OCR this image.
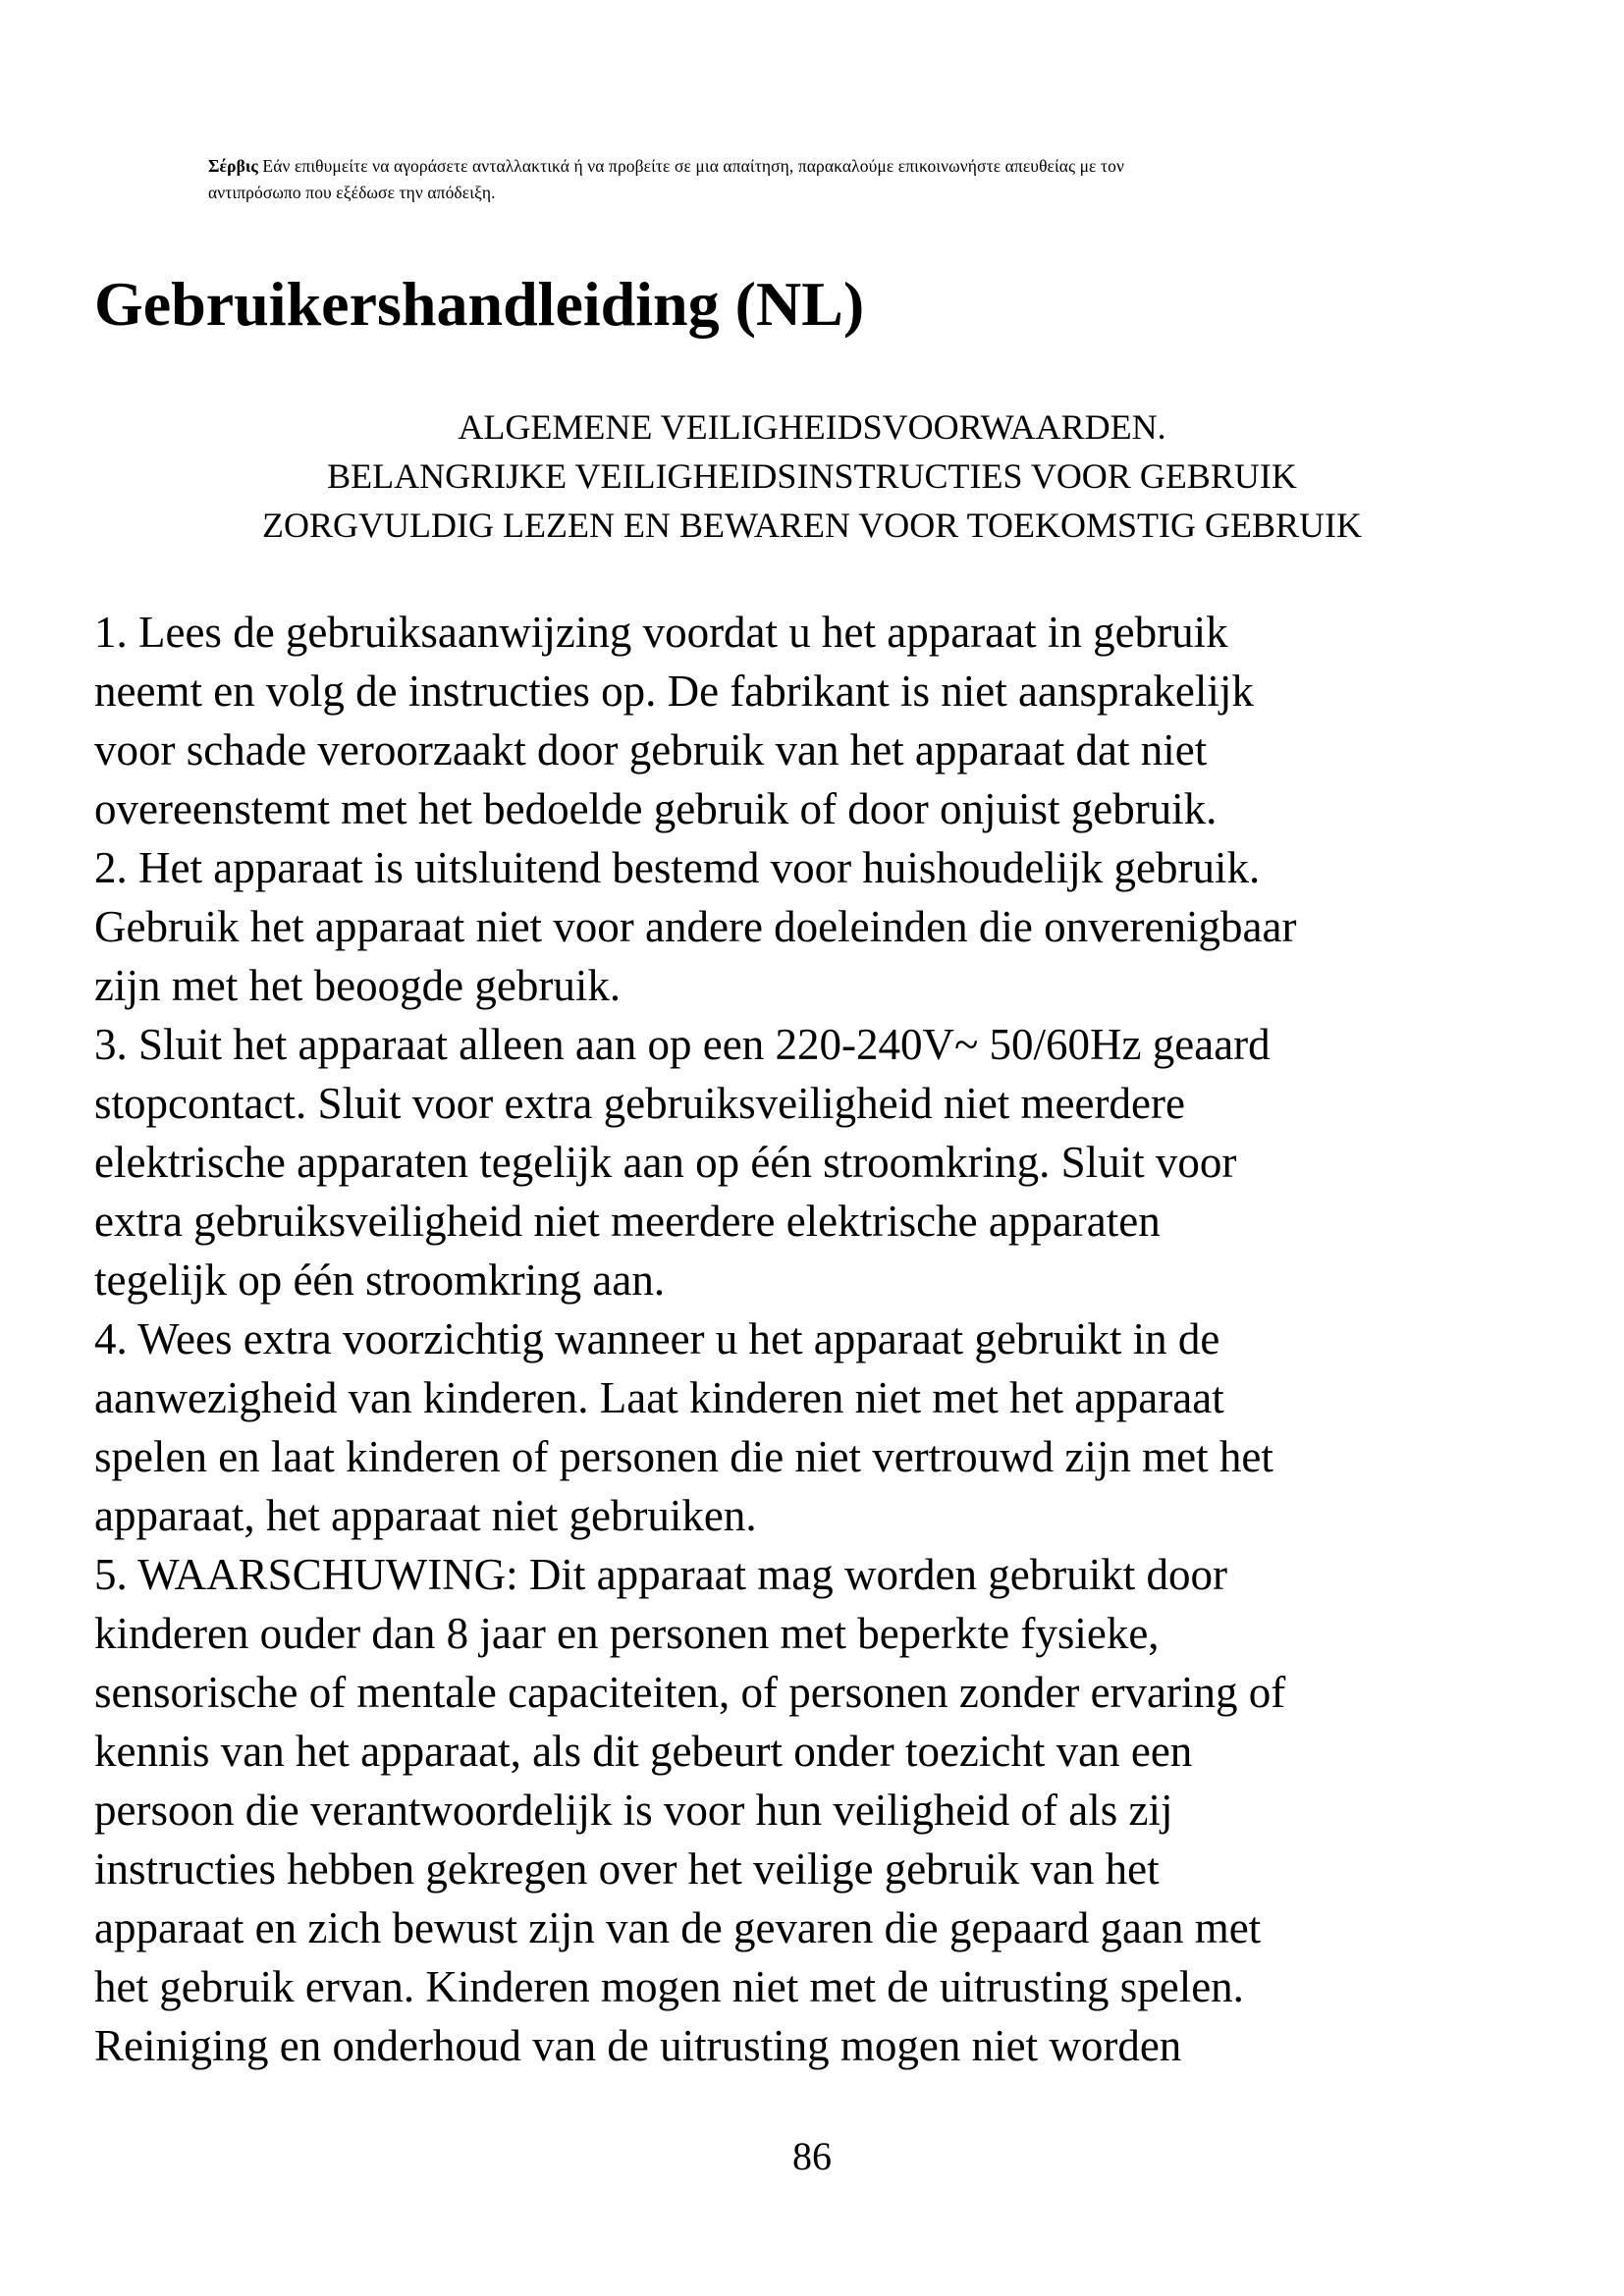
Σέρβις Εάν επιθυμείτε να αγοράσετε ανταλλακτικά ή να προβείτε σε μια απαίτηση, παρακαλούμε επικοινωνήστε απευθείας με τον
αντιπρόσωπο που εξέδωσε την απόδειξη.
Gebruikershandleiding (NL)
ALGEMENE VEILIGHEIDSVOORWAARDEN.
BELANGRIJKE VEILIGHEIDSINSTRUCTIES VOOR GEBRUIK
ZORGVULDIG LEZEN EN BEWAREN VOOR TOEKOMSTIG GEBRUIK
1. Lees de gebruiksaanwijzing voordat u het apparaat in gebruik
neemt en volg de instructies op. De fabrikant is niet aansprakelijk
voor schade veroorzaakt door gebruik van het apparaat dat niet
overeenstemt met het bedoelde gebruik of door onjuist gebruik.
2. Het apparaat is uitsluitend bestemd voor huishoudelijk gebruik.
Gebruik het apparaat niet voor andere doeleinden die onverenigbaar
zijn met het beoogde gebruik.
3. Sluit het apparaat alleen aan op een 220-240V~ 50/60Hz geaard
stopcontact. Sluit voor extra gebruiksveiligheid niet meerdere
elektrische apparaten tegelijk aan op één stroomkring. Sluit voor
extra gebruiksveiligheid niet meerdere elektrische apparaten
tegelijk op één stroomkring aan.
4. Wees extra voorzichtig wanneer u het apparaat gebruikt in de
aanwezigheid van kinderen. Laat kinderen niet met het apparaat
spelen en laat kinderen of personen die niet vertrouwd zijn met het
apparaat, het apparaat niet gebruiken.
5. WAARSCHUWING: Dit apparaat mag worden gebruikt door
kinderen ouder dan 8 jaar en personen met beperkte fysieke,
sensorische of mentale capaciteiten, of personen zonder ervaring of
kennis van het apparaat, als dit gebeurt onder toezicht van een
persoon die verantwoordelijk is voor hun veiligheid of als zij
instructies hebben gekregen over het veilige gebruik van het
apparaat en zich bewust zijn van de gevaren die gepaard gaan met
het gebruik ervan. Kinderen mogen niet met de uitrusting spelen.
Reiniging en onderhoud van de uitrusting mogen niet worden
86
